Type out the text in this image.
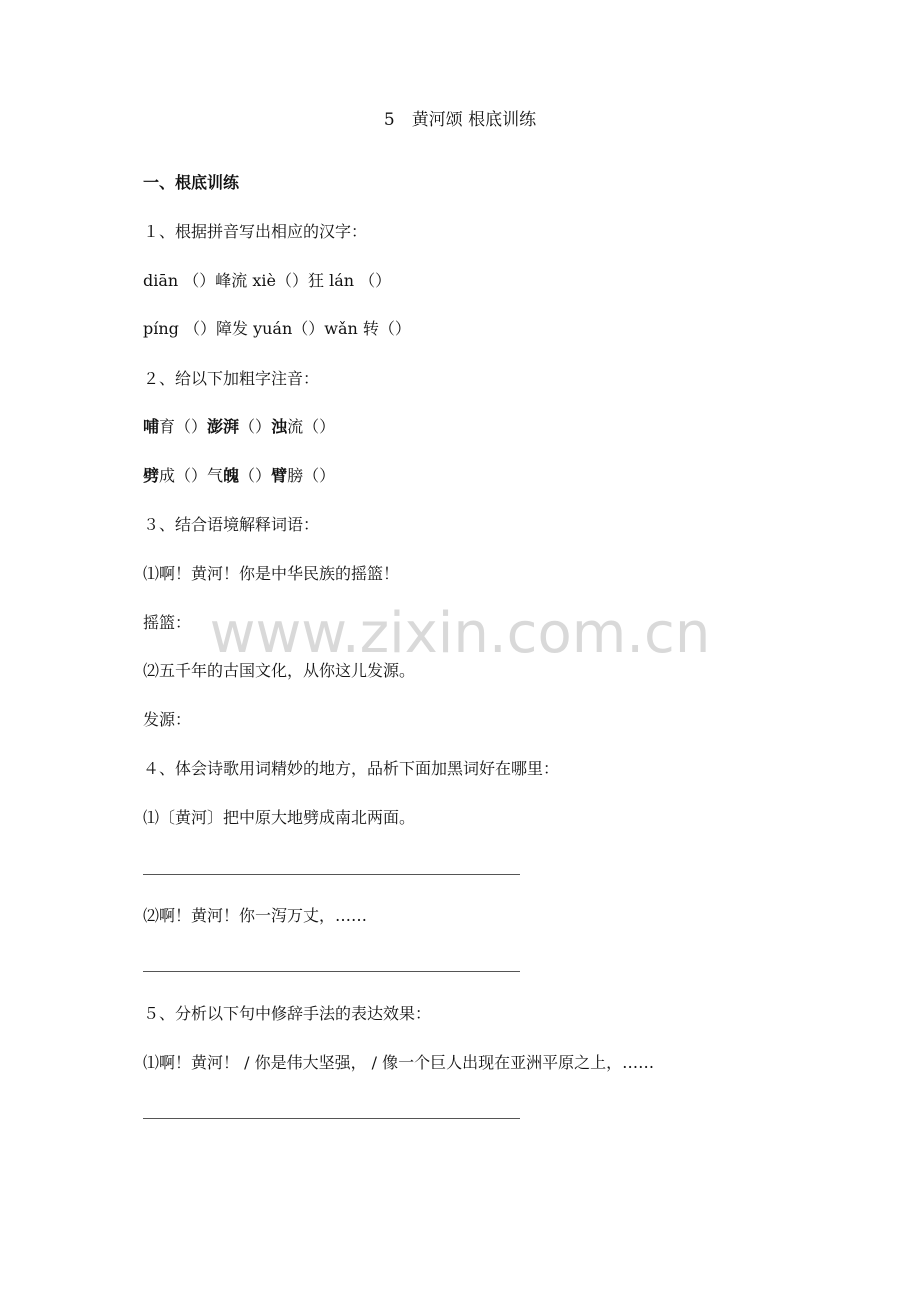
5　黄河颂 根底训练
一、根底训练
１、根据拼音写出相应的汉字：
diān （）峰流 xiè（）狂 lán （）
píng （）障发 yuán（）wǎn 转（）
２、给以下加粗字注音：
哺育（）澎湃（）浊流（）
劈成（）气魄（）臂膀（）
３、结合语境解释词语：
⑴啊！黄河！你是中华民族的摇篮！
摇篮：
⑵五千年的古国文化，从你这儿发源。
发源：
４、体会诗歌用词精妙的地方，品析下面加黑词好在哪里：
⑴〔黄河〕把中原大地劈成南北两面。
⑵啊！黄河！你一泻万丈，……
５、分析以下句中修辞手法的表达效果：
⑴啊！黄河！ / 你是伟大坚强， / 像一个巨人出现在亚洲平原之上，……
www.zixin.com.cn
